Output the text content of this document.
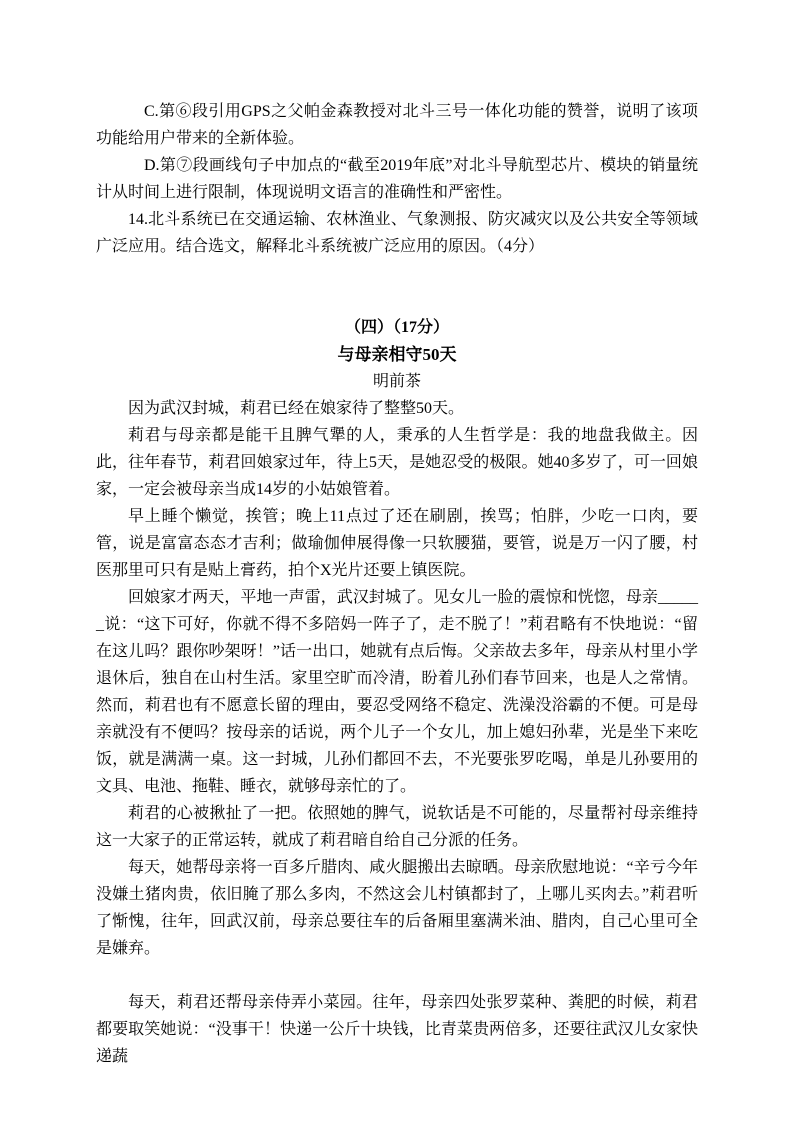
C.第⑥段引用GPS之父帕金森教授对北斗三号一体化功能的赞誉，说明了该项功能给用户带来的全新体验。

D.第⑦段画线句子中加点的“截至2019年底”对北斗导航型芯片、模块的销量统计从时间上进行限制，体现说明文语言的准确性和严密性。

14.北斗系统已在交通运输、农林渔业、气象测报、防灾减灾以及公共安全等领域广泛应用。结合选文，解释北斗系统被广泛应用的原因。（4分）

（四）（17分）

与母亲相守50天

明前茶

因为武汉封城，莉君已经在娘家待了整整50天。

莉君与母亲都是能干且脾气犟的人，秉承的人生哲学是：我的地盘我做主。因此，往年春节，莉君回娘家过年，待上5天，是她忍受的极限。她40多岁了，可一回娘家，一定会被母亲当成14岁的小姑娘管着。

早上睡个懒觉，挨管；晚上11点过了还在刷剧，挨骂；怕胖，少吃一口肉，要管，说是富富态态才吉利；做瑜伽伸展得像一只软腰猫，要管，说是万一闪了腰，村医那里可只有是贴上膏药，拍个X光片还要上镇医院。

回娘家才两天，平地一声雷，武汉封城了。见女儿一脸的震惊和恍惚，母亲______说：“这下可好，你就不得不多陪妈一阵子了，走不脱了！”莉君略有不快地说：“留在这儿吗？跟你吵架呀！”话一出口，她就有点后悔。父亲故去多年，母亲从村里小学退休后，独自在山村生活。家里空旷而冷清，盼着儿孙们春节回来，也是人之常情。然而，莉君也有不愿意长留的理由，要忍受网络不稳定、洗澡没浴霸的不便。可是母亲就没有不便吗？按母亲的话说，两个儿子一个女儿，加上媳妇孙辈，光是坐下来吃饭，就是满满一桌。这一封城，儿孙们都回不去，不光要张罗吃喝，单是儿孙要用的文具、电池、拖鞋、睡衣，就够母亲忙的了。

莉君的心被揪扯了一把。依照她的脾气，说软话是不可能的，尽量帮衬母亲维持这一大家子的正常运转，就成了莉君暗自给自己分派的任务。

每天，她帮母亲将一百多斤腊肉、咸火腿搬出去晾晒。母亲欣慰地说：“辛亏今年没嫌土猪肉贵，依旧腌了那么多肉，不然这会儿村镇都封了，上哪儿买肉去。”莉君听了惭愧，往年，回武汉前，母亲总要往车的后备厢里塞满米油、腊肉，自己心里可全是嫌弃。

每天，莉君还帮母亲侍弄小菜园。往年，母亲四处张罗菜种、粪肥的时候，莉君都要取笑她说：“没事干！快递一公斤十块钱，比青菜贵两倍多，还要往武汉儿女家快递蔬
